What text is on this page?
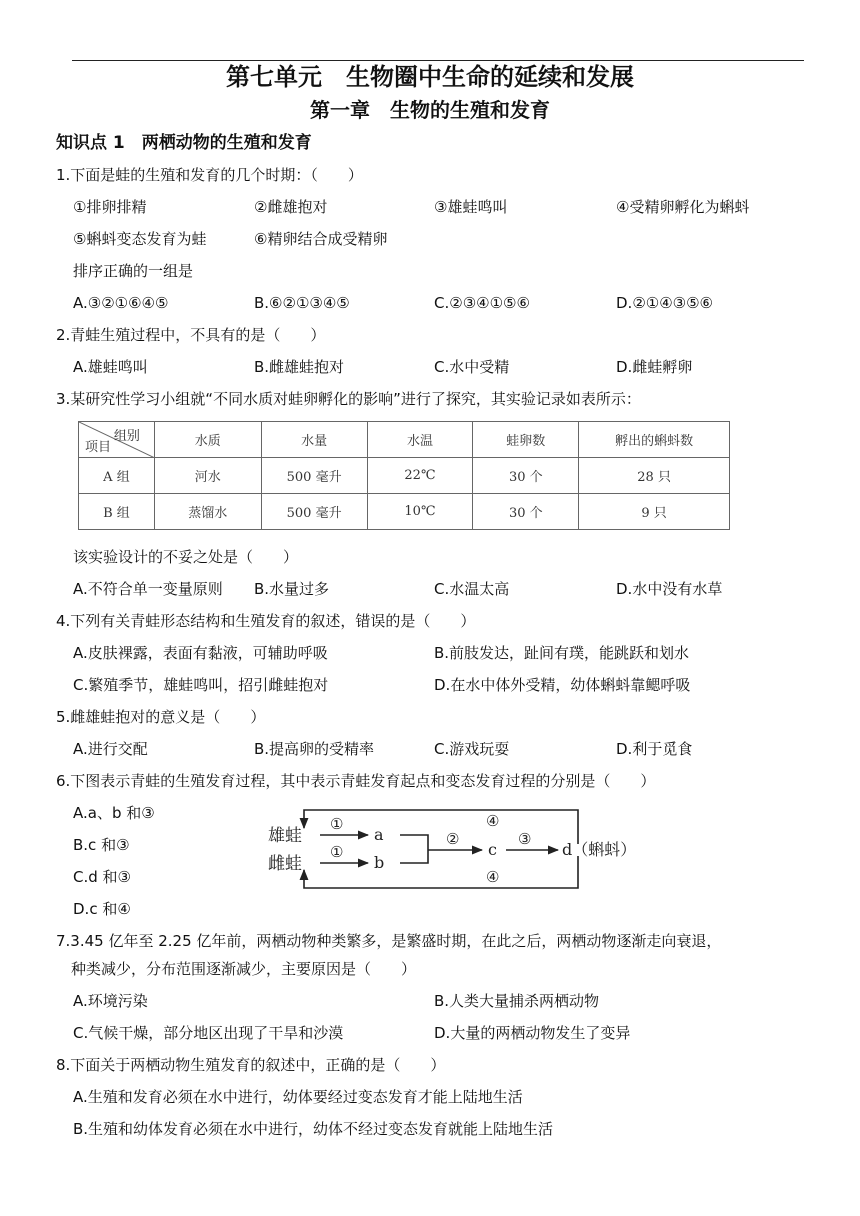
第七单元　生物圈中生命的延续和发展
第一章　生物的生殖和发育
知识点 1　两栖动物的生殖和发育
1.下面是蛙的生殖和发育的几个时期：（　　）
①排卵排精	②雌雄抱对	③雄蛙鸣叫	④受精卵孵化为蝌蚪
⑤蝌蚪变态发育为蛙	⑥精卵结合成受精卵
排序正确的一组是
A.③②①⑥④⑤	B.⑥②①③④⑤	C.②③④①⑤⑥	D.②①④③⑤⑥
2.青蛙生殖过程中，不具有的是（　　）
A.雄蛙鸣叫	B.雌雄蛙抱对	C.水中受精	D.雌蛙孵卵
3.某研究性学习小组就“不同水质对蛙卵孵化的影响”进行了探究，其实验记录如表所示：
组别
项目	水质	水量	水温	蛙卵数	孵出的蝌蚪数
A 组	河水	500 毫升	22℃	30 个	28 只
B 组	蒸馏水	500 毫升	10℃	30 个	9 只
该实验设计的不妥之处是（　　）
A.不符合单一变量原则 B.水量过多	C.水温太高	D.水中没有水草
4.下列有关青蛙形态结构和生殖发育的叙述，错误的是（　　）
A.皮肤裸露，表面有黏液，可辅助呼吸	B.前肢发达，趾间有璞，能跳跃和划水
C.繁殖季节，雄蛙鸣叫，招引雌蛙抱对	D.在水中体外受精，幼体蝌蚪靠鳃呼吸
5.雌雄蛙抱对的意义是（　　）
A.进行交配	B.提高卵的受精率	C.游戏玩耍	D.利于觅食
6.下图表示青蛙的生殖发育过程，其中表示青蛙发育起点和变态发育过程的分别是（　　）
A.a、b 和③
B.c 和③
C.d 和③
D.c 和④
雄蛙
雌蛙
①
①
a
b
②
c
③
d（蝌蚪）
④
④
7.3.45 亿年至 2.25 亿年前，两栖动物种类繁多，是繁盛时期，在此之后，两栖动物逐渐走向衰退，
种类减少，分布范围逐渐减少，主要原因是（　　）
A.环境污染	B.人类大量捕杀两栖动物
C.气候干燥，部分地区出现了干旱和沙漠	D.大量的两栖动物发生了变异
8.下面关于两栖动物生殖发育的叙述中，正确的是（　　）
A.生殖和发育必须在水中进行，幼体要经过变态发育才能上陆地生活
B.生殖和幼体发育必须在水中进行，幼体不经过变态发育就能上陆地生活
